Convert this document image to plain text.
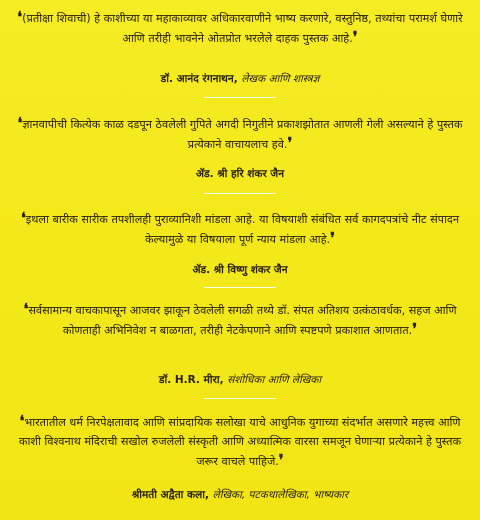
❛(प्रतीक्षा शिवाची) हे काशीच्या या महाकाव्यावर अधिकारवाणीने भाष्य करणारे, वस्तुनिष्ठ, तथ्यांचा परामर्श घेणारे आणि तरीही भावनेने ओतप्रोत भरलेले दाहक पुस्तक आहे.❜
डॉ. आनंद रंगनाथन, लेखक आणि शास्त्रज्ञ
❛ज्ञानवापीची कित्येक काळ दडपून ठेवलेली गुपिते अगदी निगुतीने प्रकाशझोतात आणली गेली असल्याने हे पुस्तक प्रत्येकाने वाचायलाच हवे.❜
ॲड. श्री हरि शंकर जैन
❛इथला बारीक सारीक तपशीलही पुराव्यानिशी मांडला आहे. या विषयाशी संबंधित सर्व कागदपत्रांचे नीट संपादन केल्यामुळे या विषयाला पूर्ण न्याय मांडला आहे.❜
ॲड. श्री विष्णु शंकर जैन
❛सर्वसामान्य वाचकापासून आजवर झाकून ठेवलेली सगळी तथ्ये डॉ. संपत अतिशय उत्कंठावर्धक, सहज आणि कोणताही अभिनिवेश न बाळगता, तरीही नेटकेपणाने आणि स्पष्टपणे प्रकाशात आणतात.❜
डॉ. H.R. मीरा, संशोधिका आणि लेखिका
❛भारतातील धर्म निरपेक्षतावाद आणि सांप्रदायिक सलोखा याचे आधुनिक युगाच्या संदर्भात असणारे महत्त्व आणि काशी विश्वनाथ मंदिराची सखोल रुजलेली संस्कृती आणि अध्यात्मिक वारसा समजून घेणाऱ्या प्रत्येकाने हे पुस्तक जरूर वाचले पाहिजे.❜
श्रीमती अद्वैता कला, लेखिका, पटकथालेखिका, भाष्यकार
